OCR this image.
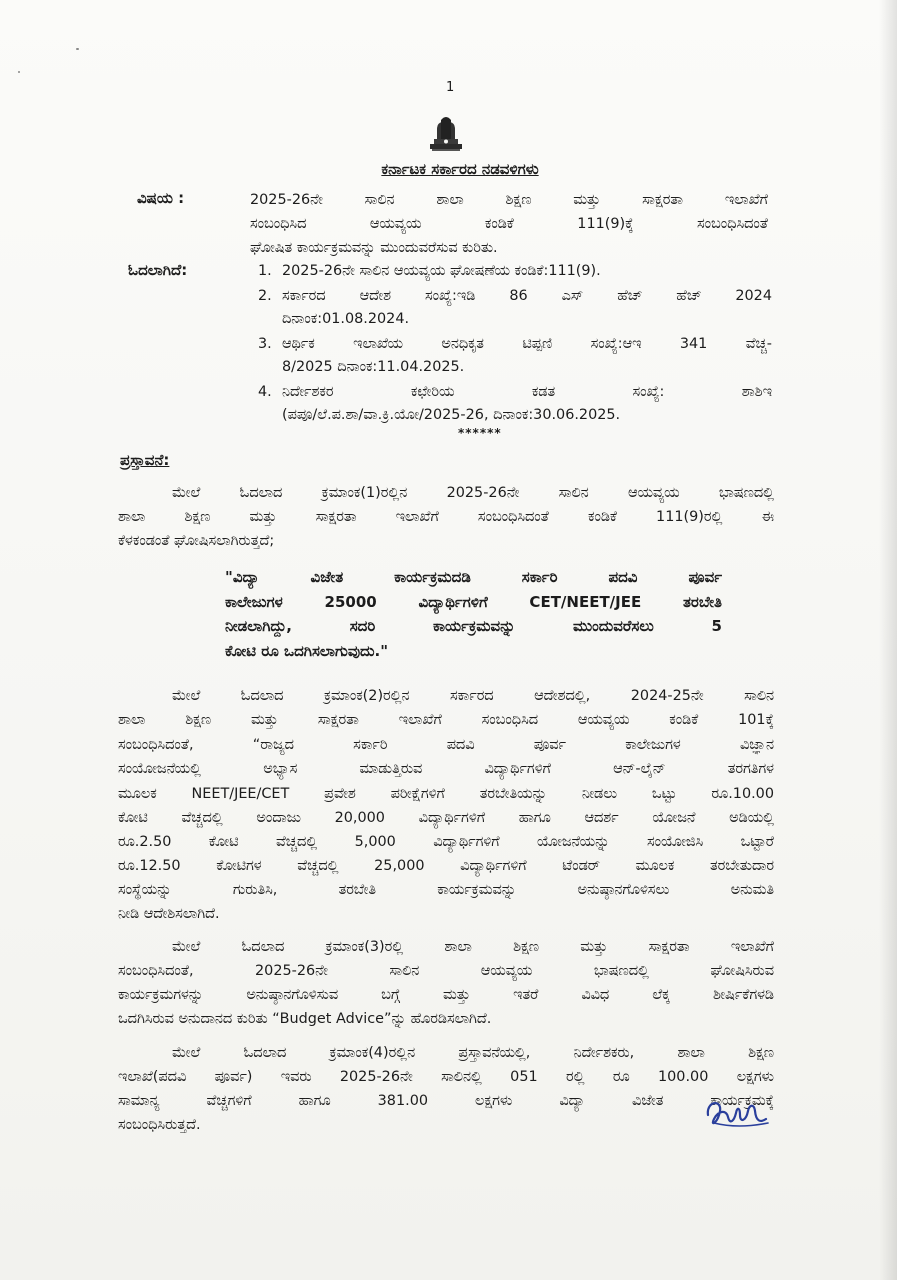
1
ಕರ್ನಾಟಕ ಸರ್ಕಾರದ ನಡವಳಿಗಳು
ವಿಷಯ :	2025-26ನೇ ಸಾಲಿನ ಶಾಲಾ ಶಿಕ್ಷಣ ಮತ್ತು ಸಾಕ್ಷರತಾ ಇಲಾಖೆಗೆ
ಸಂಬಂಧಿಸಿದ ಆಯವ್ಯಯ ಕಂಡಿಕೆ 111(9)ಕ್ಕೆ ಸಂಬಂಧಿಸಿದಂತೆ
ಘೋಷಿತ ಕಾರ್ಯಕ್ರಮವನ್ನು ಮುಂದುವರೆಸುವ ಕುರಿತು.
ಓದಲಾಗಿದೆ:	1. 2025-26ನೇ ಸಾಲಿನ ಆಯವ್ಯಯ ಘೋಷಣೆಯ ಕಂಡಿಕೆ:111(9).
2. ಸರ್ಕಾರದ ಆದೇಶ ಸಂಖ್ಯೆ:ಇಡಿ 86 ಎಸ್ ಹೆಚ್ ಹೆಚ್ 2024
ದಿನಾಂಕ:01.08.2024.
3. ಆರ್ಥಿಕ ಇಲಾಖೆಯ ಅನಧಿಕೃತ ಟಿಪ್ಪಣಿ ಸಂಖ್ಯೆ:ಆಇ 341 ವೆಚ್ಚ-
8/2025 ದಿನಾಂಕ:11.04.2025.
4. ನಿರ್ದೇಶಕರ ಕಛೇರಿಯ ಕಡತ ಸಂಖ್ಯೆ: ಶಾಶಿಇ
(ಪಪೂ/ಲೆ.ಪ.ಶಾ/ವಾ.ಕ್ರಿ.ಯೋ/2025-26, ದಿನಾಂಕ:30.06.2025.
******
ಪ್ರಸ್ತಾವನೆ:
ಮೇಲೆ ಓದಲಾದ ಕ್ರಮಾಂಕ(1)ರಲ್ಲಿನ 2025-26ನೇ ಸಾಲಿನ ಆಯವ್ಯಯ ಭಾಷಣದಲ್ಲಿ
ಶಾಲಾ ಶಿಕ್ಷಣ ಮತ್ತು ಸಾಕ್ಷರತಾ ಇಲಾಖೆಗೆ ಸಂಬಂಧಿಸಿದಂತೆ ಕಂಡಿಕೆ 111(9)ರಲ್ಲಿ ಈ
ಕೆಳಕಂಡಂತೆ ಘೋಷಿಸಲಾಗಿರುತ್ತದೆ;
"ವಿದ್ಯಾ ವಿಜೇತ ಕಾರ್ಯಕ್ರಮದಡಿ ಸರ್ಕಾರಿ ಪದವಿ ಪೂರ್ವ
ಕಾಲೇಜುಗಳ 25000 ವಿದ್ಯಾರ್ಥಿಗಳಿಗೆ CET/NEET/JEE ತರಬೇತಿ
ನೀಡಲಾಗಿದ್ದು, ಸದರಿ ಕಾರ್ಯಕ್ರಮವನ್ನು ಮುಂದುವರೆಸಲು 5
ಕೋಟಿ ರೂ ಒದಗಿಸಲಾಗುವುದು."
ಮೇಲೆ ಓದಲಾದ ಕ್ರಮಾಂಕ(2)ರಲ್ಲಿನ ಸರ್ಕಾರದ ಆದೇಶದಲ್ಲಿ, 2024-25ನೇ ಸಾಲಿನ
ಶಾಲಾ ಶಿಕ್ಷಣ ಮತ್ತು ಸಾಕ್ಷರತಾ ಇಲಾಖೆಗೆ ಸಂಬಂಧಿಸಿದ ಆಯವ್ಯಯ ಕಂಡಿಕೆ 101ಕ್ಕೆ
ಸಂಬಂಧಿಸಿದಂತೆ, “ರಾಜ್ಯದ ಸರ್ಕಾರಿ ಪದವಿ ಪೂರ್ವ ಕಾಲೇಜುಗಳ ವಿಜ್ಞಾನ
ಸಂಯೋಜನೆಯಲ್ಲಿ ಅಭ್ಯಾಸ ಮಾಡುತ್ತಿರುವ ವಿದ್ಯಾರ್ಥಿಗಳಿಗೆ ಆನ್-ಲೈನ್ ತರಗತಿಗಳ
ಮೂಲಕ NEET/JEE/CET ಪ್ರವೇಶ ಪರೀಕ್ಷೆಗಳಿಗೆ ತರಬೇತಿಯನ್ನು ನೀಡಲು ಒಟ್ಟು ರೂ.10.00
ಕೋಟಿ ವೆಚ್ಚದಲ್ಲಿ ಅಂದಾಜು 20,000 ವಿದ್ಯಾರ್ಥಿಗಳಿಗೆ ಹಾಗೂ ಆದರ್ಶ ಯೋಜನೆ ಅಡಿಯಲ್ಲಿ
ರೂ.2.50 ಕೋಟಿ ವೆಚ್ಚದಲ್ಲಿ 5,000 ವಿದ್ಯಾರ್ಥಿಗಳಿಗೆ ಯೋಜನೆಯನ್ನು ಸಂಯೋಜಿಸಿ ಒಟ್ಟಾರೆ
ರೂ.12.50 ಕೋಟಿಗಳ ವೆಚ್ಚದಲ್ಲಿ 25,000 ವಿದ್ಯಾರ್ಥಿಗಳಿಗೆ ಟೆಂಡರ್ ಮೂಲಕ ತರಬೇತುದಾರ
ಸಂಸ್ಥೆಯನ್ನು ಗುರುತಿಸಿ, ತರಬೇತಿ ಕಾರ್ಯಕ್ರಮವನ್ನು ಅನುಷ್ಠಾನಗೊಳಿಸಲು ಅನುಮತಿ
ನೀಡಿ ಆದೇಶಿಸಲಾಗಿದೆ.
ಮೇಲೆ ಓದಲಾದ ಕ್ರಮಾಂಕ(3)ರಲ್ಲಿ ಶಾಲಾ ಶಿಕ್ಷಣ ಮತ್ತು ಸಾಕ್ಷರತಾ ಇಲಾಖೆಗೆ
ಸಂಬಂಧಿಸಿದಂತೆ, 2025-26ನೇ ಸಾಲಿನ ಆಯವ್ಯಯ ಭಾಷಣದಲ್ಲಿ ಘೋಷಿಸಿರುವ
ಕಾರ್ಯಕ್ರಮಗಳನ್ನು ಅನುಷ್ಠಾನಗೊಳಿಸುವ ಬಗ್ಗೆ ಮತ್ತು ಇತರೆ ವಿವಿಧ ಲೆಕ್ಕ ಶೀರ್ಷಿಕೆಗಳಡಿ
ಒದಗಿಸಿರುವ ಅನುದಾನದ ಕುರಿತು “Budget Advice”ನ್ನು ಹೊರಡಿಸಲಾಗಿದೆ.
ಮೇಲೆ ಓದಲಾದ ಕ್ರಮಾಂಕ(4)ರಲ್ಲಿನ ಪ್ರಸ್ತಾವನೆಯಲ್ಲಿ, ನಿರ್ದೇಶಕರು, ಶಾಲಾ ಶಿಕ್ಷಣ
ಇಲಾಖೆ(ಪದವಿ ಪೂರ್ವ) ಇವರು 2025-26ನೇ ಸಾಲಿನಲ್ಲಿ 051 ರಲ್ಲಿ ರೂ 100.00 ಲಕ್ಷಗಳು
ಸಾಮಾನ್ಯ ವೆಚ್ಚಗಳಿಗೆ ಹಾಗೂ 381.00 ಲಕ್ಷಗಳು ವಿದ್ಯಾ ವಿಜೇತ ಕಾರ್ಯಕ್ರಮಕ್ಕೆ
ಸಂಬಂಧಿಸಿರುತ್ತದೆ.
